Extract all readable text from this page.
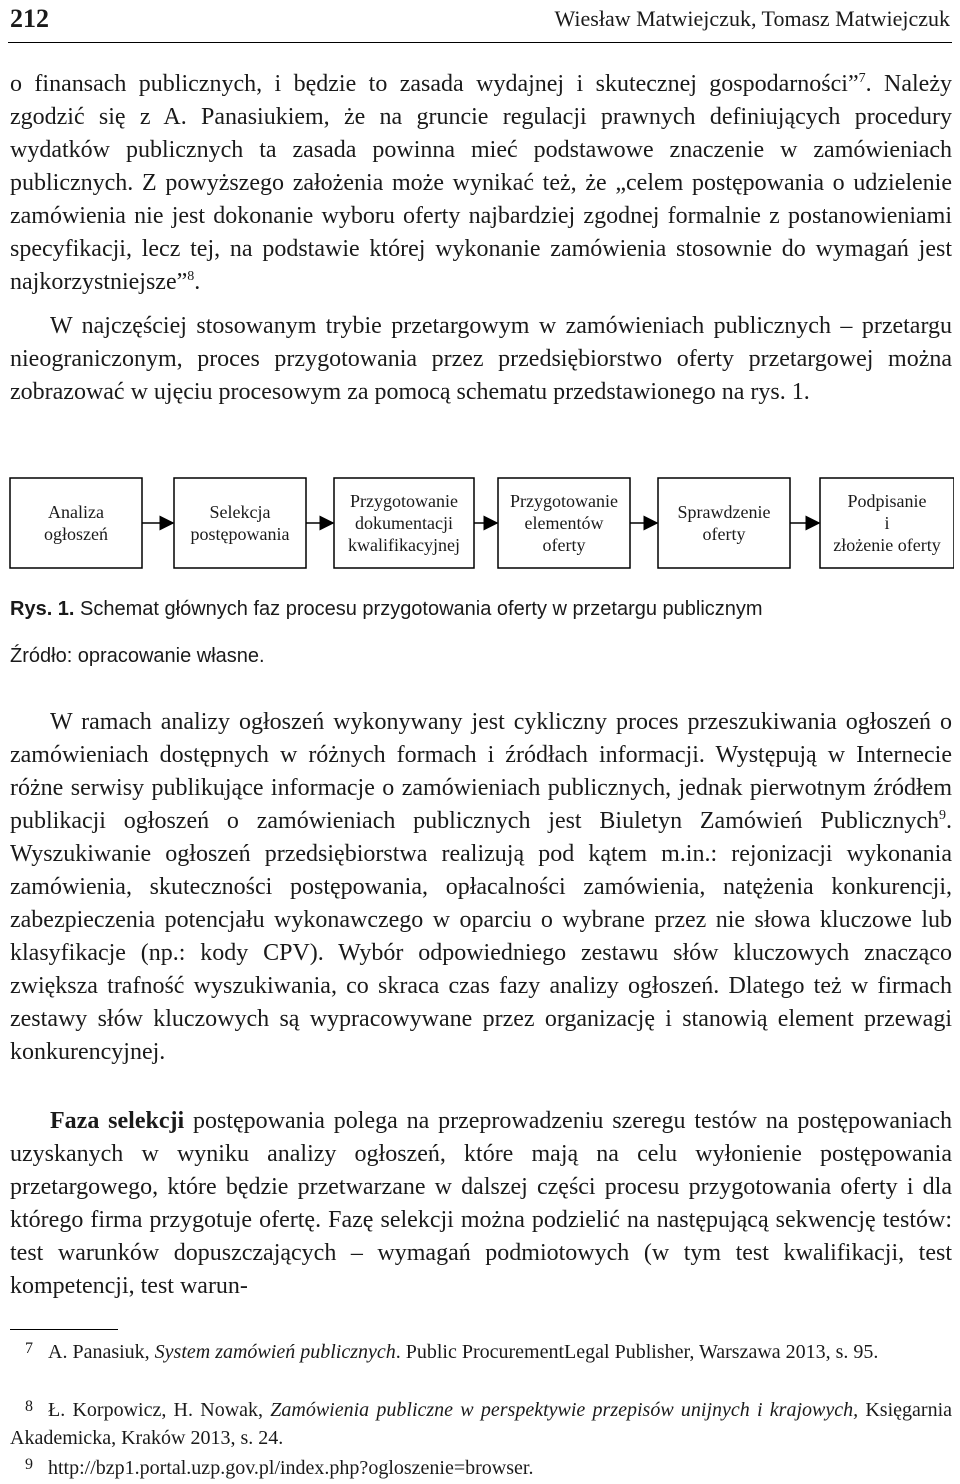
212	Wiesław Matwiejczuk, Tomasz Matwiejczuk

o finansach publicznych, i będzie to zasada wydajnej i skutecznej gospodarności”$^7$. Należy zgodzić się z A. Panasiukiem, że na gruncie regulacji prawnych definiujących procedury wydatków publicznych ta zasada powinna mieć podstawowe znaczenie w zamówieniach publicznych. Z powyższego założenia może wynikać też, że „celem postępowania o udzielenie zamówienia nie jest dokonanie wyboru oferty najbardziej zgodnej formalnie z postanowieniami specyfikacji, lecz tej, na podstawie której wykonanie zamówienia stosownie do wymagań jest najkorzystniejsze”$^8$.

W najczęściej stosowanym trybie przetargowym w zamówieniach publicznych – przetargu nieograniczonym, proces przygotowania przez przedsiębiorstwo oferty przetargowej można zobrazować w ujęciu procesowym za pomocą schematu przedstawionego na rys. 1.

Analiza
ogłoszeń
Selekcja
postępowania
Przygotowanie
dokumentacji
kwalifikacyjnej
Przygotowanie
elementów
oferty
Sprawdzenie
oferty
Podpisanie
i
złożenie oferty
Rys. 1. Schemat głównych faz procesu przygotowania oferty w przetargu publicznym
Źródło: opracowanie własne.

W ramach analizy ogłoszeń wykonywany jest cykliczny proces przeszukiwania ogłoszeń o zamówieniach dostępnych w różnych formach i źródłach informacji. Występują w Internecie różne serwisy publikujące informacje o zamówieniach publicznych, jednak pierwotnym źródłem publikacji ogłoszeń o zamówieniach publicznych jest Biuletyn Zamówień Publicznych$^9$. Wyszukiwanie ogłoszeń przedsiębiorstwa realizują pod kątem m.in.: rejonizacji wykonania zamówienia, skuteczności postępowania, opłacalności zamówienia, natężenia konkurencji, zabezpieczenia potencjału wykonawczego w oparciu o wybrane przez nie słowa kluczowe lub klasyfikacje (np.: kody CPV). Wybór odpowiedniego zestawu słów kluczowych znacząco zwiększa trafność wyszukiwania, co skraca czas fazy analizy ogłoszeń. Dlatego też w firmach zestawy słów kluczowych są wypracowywane przez organizację i stanowią element przewagi konkurencyjnej.

Faza selekcji postępowania polega na przeprowadzeniu szeregu testów na postępowaniach uzyskanych w wyniku analizy ogłoszeń, które mają na celu wyłonienie postępowania przetargowego, które będzie przetwarzane w dalszej części procesu przygotowania oferty i dla którego firma przygotuje ofertę. Fazę selekcji można podzielić na następującą sekwencję testów: test warunków dopuszczających – wymagań podmiotowych (w tym test kwalifikacji, test kompetencji, test warun-

7 A. Panasiuk, System zamówień publicznych. Public ProcurementLegal Publisher, Warszawa 2013, s. 95.

8 Ł. Korpowicz, H. Nowak, Zamówienia publiczne w perspektywie przepisów unijnych i krajowych, Księgarnia Akademicka, Kraków 2013, s. 24.

9 http://bzp1.portal.uzp.gov.pl/index.php?ogloszenie=browser.
